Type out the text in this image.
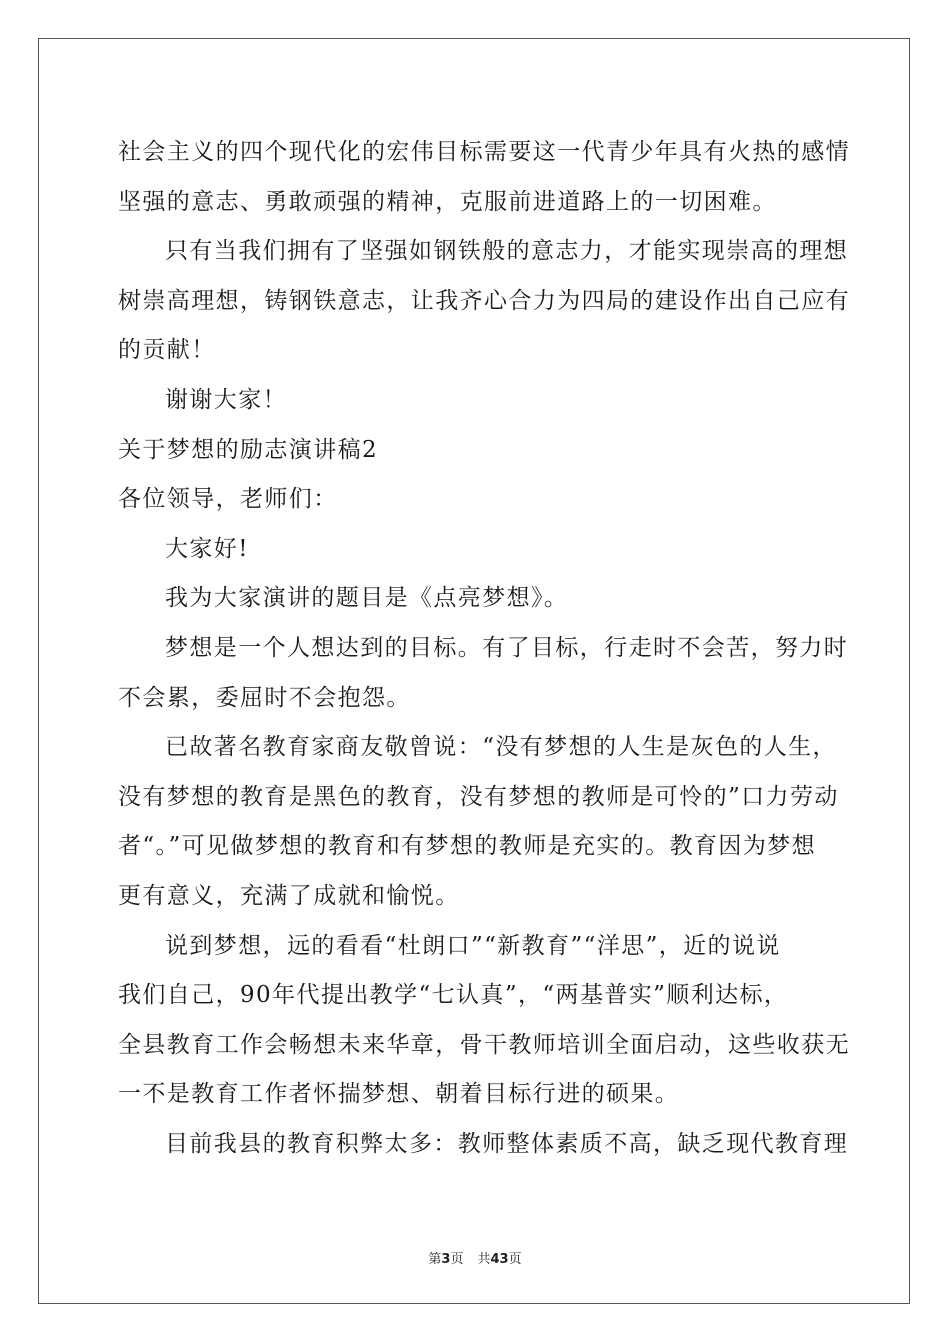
社会主义的四个现代化的宏伟目标需要这一代青少年具有火热的感情
坚强的意志、勇敢顽强的精神，克服前进道路上的一切困难。
只有当我们拥有了坚强如钢铁般的意志力，才能实现崇高的理想
树崇高理想，铸钢铁意志，让我齐心合力为四局的建设作出自己应有
的贡献！
谢谢大家！
关于梦想的励志演讲稿2
各位领导，老师们：
大家好!
我为大家演讲的题目是《点亮梦想》。
梦想是一个人想达到的目标。有了目标，行走时不会苦，努力时
不会累，委屈时不会抱怨。
已故著名教育家商友敬曾说：“没有梦想的人生是灰色的人生，
没有梦想的教育是黑色的教育，没有梦想的教师是可怜的”口力劳动
者“。”可见做梦想的教育和有梦想的教师是充实的。教育因为梦想
更有意义，充满了成就和愉悦。
说到梦想，远的看看“杜朗口”“新教育”“洋思”，近的说说
我们自己，90年代提出教学“七认真”，“两基普实”顺利达标，
全县教育工作会畅想未来华章，骨干教师培训全面启动，这些收获无
一不是教育工作者怀揣梦想、朝着目标行进的硕果。
目前我县的教育积弊太多：教师整体素质不高，缺乏现代教育理
第3页 共43页
